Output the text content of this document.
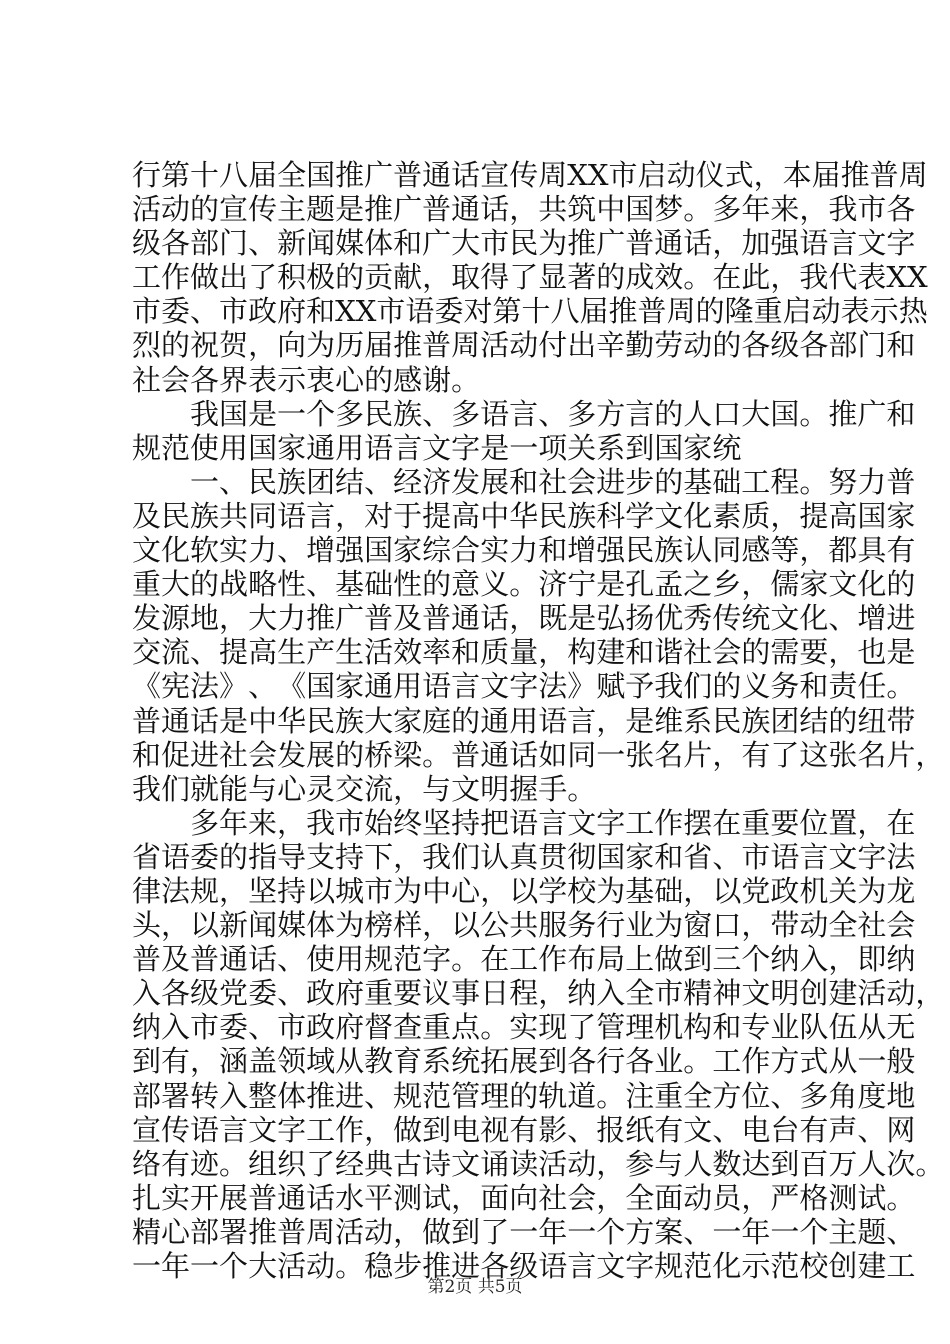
行 第 十 八 届 全 国 推 广 普 通 话 宣 传 周 XX 市 启 动 仪 式 ， 本 届 推 普 周
活 动 的 宣 传 主 题 是 推 广 普 通 话 ， 共 筑 中 国 梦 。 多 年 来 ， 我 市 各
级 各 部 门 、 新 闻 媒 体 和 广 大 市 民 为 推 广 普 通 话 ， 加 强 语 言 文 字
工 作 做 出 了 积 极 的 贡 献 ， 取 得 了 显 著 的 成 效 。 在 此 ， 我 代 表 XX
市 委 、 市 政 府 和 XX 市 语 委 对 第 十 八 届 推 普 周 的 隆 重 启 动 表 示 热
烈 的 祝 贺 ， 向 为 历 届 推 普 周 活 动 付 出 辛 勤 劳 动 的 各 级 各 部 门 和
社 会 各 界 表 示 衷 心 的 感 谢 。
我 国 是 一 个 多 民 族 、 多 语 言 、 多 方 言 的 人 口 大 国 。 推 广 和
规 范 使 用 国 家 通 用 语 言 文 字 是 一 项 关 系 到 国 家 统
一 、 民 族 团 结 、 经 济 发 展 和 社 会 进 步 的 基 础 工 程 。 努 力 普
及 民 族 共 同 语 言 ， 对 于 提 高 中 华 民 族 科 学 文 化 素 质 ， 提 高 国 家
文 化 软 实 力 、 增 强 国 家 综 合 实 力 和 增 强 民 族 认 同 感 等 ， 都 具 有
重 大 的 战 略 性 、 基 础 性 的 意 义 。 济 宁 是 孔 孟 之 乡 ， 儒 家 文 化 的
发 源 地 ， 大 力 推 广 普 及 普 通 话 ， 既 是 弘 扬 优 秀 传 统 文 化 、 增 进
交 流 、 提 高 生 产 生 活 效 率 和 质 量 ， 构 建 和 谐 社 会 的 需 要 ， 也 是
《 宪 法 》 、 《 国 家 通 用 语 言 文 字 法 》 赋 予 我 们 的 义 务 和 责 任 。
普 通 话 是 中 华 民 族 大 家 庭 的 通 用 语 言 ， 是 维 系 民 族 团 结 的 纽 带
和 促 进 社 会 发 展 的 桥 梁 。 普 通 话 如 同 一 张 名 片 ， 有 了 这 张 名 片 ，
我 们 就 能 与 心 灵 交 流 ， 与 文 明 握 手 。
多 年 来 ， 我 市 始 终 坚 持 把 语 言 文 字 工 作 摆 在 重 要 位 置 ， 在
省 语 委 的 指 导 支 持 下 ， 我 们 认 真 贯 彻 国 家 和 省 、 市 语 言 文 字 法
律 法 规 ， 坚 持 以 城 市 为 中 心 ， 以 学 校 为 基 础 ， 以 党 政 机 关 为 龙
头 ， 以 新 闻 媒 体 为 榜 样 ， 以 公 共 服 务 行 业 为 窗 口 ， 带 动 全 社 会
普 及 普 通 话 、 使 用 规 范 字 。 在 工 作 布 局 上 做 到 三 个 纳 入 ， 即 纳
入 各 级 党 委 、 政 府 重 要 议 事 日 程 ， 纳 入 全 市 精 神 文 明 创 建 活 动 ，
纳 入 市 委 、 市 政 府 督 查 重 点 。 实 现 了 管 理 机 构 和 专 业 队 伍 从 无
到 有 ， 涵 盖 领 域 从 教 育 系 统 拓 展 到 各 行 各 业 。 工 作 方 式 从 一 般
部 署 转 入 整 体 推 进 、 规 范 管 理 的 轨 道 。 注 重 全 方 位 、 多 角 度 地
宣 传 语 言 文 字 工 作 ， 做 到 电 视 有 影 、 报 纸 有 文 、 电 台 有 声 、 网
络 有 迹 。 组 织 了 经 典 古 诗 文 诵 读 活 动 ， 参 与 人 数 达 到 百 万 人 次 。
扎 实 开 展 普 通 话 水 平 测 试 ， 面 向 社 会 ， 全 面 动 员 ， 严 格 测 试 。
精 心 部 署 推 普 周 活 动 ， 做 到 了 一 年 一 个 方 案 、 一 年 一 个 主 题 、
一 年 一 个 大 活 动 。 稳 步 推 进 各 级 语 言 文 字 规 范 化 示 范 校 创 建 工
第2页 共5页
